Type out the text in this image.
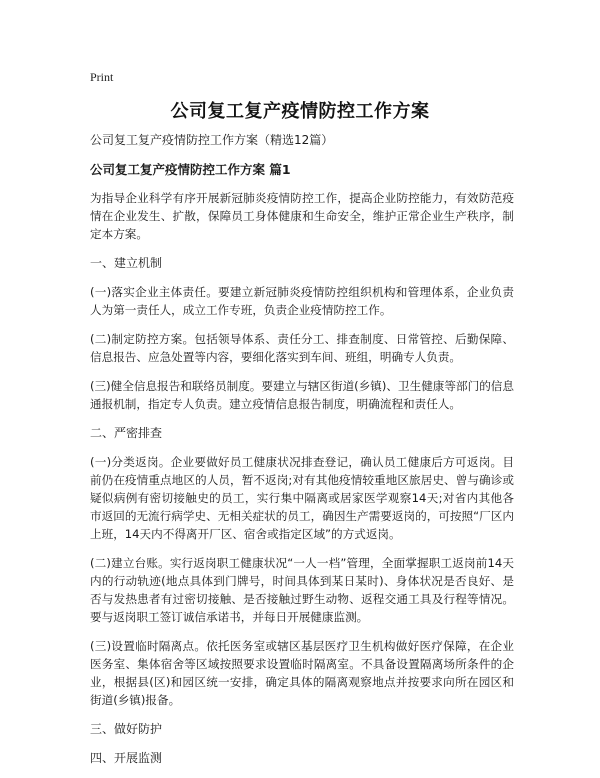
Print
公司复工复产疫情防控工作方案

公司复工复产疫情防控工作方案（精选12篇）

公司复工复产疫情防控工作方案 篇1

为指导企业科学有序开展新冠肺炎疫情防控工作，提高企业防控能力，有效防范疫情在企业发生、扩散，保障员工身体健康和生命安全，维护正常企业生产秩序，制定本方案。

一、建立机制

(一)落实企业主体责任。要建立新冠肺炎疫情防控组织机构和管理体系，企业负责人为第一责任人，成立工作专班，负责企业疫情防控工作。

(二)制定防控方案。包括领导体系、责任分工、排查制度、日常管控、后勤保障、信息报告、应急处置等内容，要细化落实到车间、班组，明确专人负责。

(三)健全信息报告和联络员制度。要建立与辖区街道(乡镇)、卫生健康等部门的信息通报机制，指定专人负责。建立疫情信息报告制度，明确流程和责任人。

二、严密排查

(一)分类返岗。企业要做好员工健康状况排查登记，确认员工健康后方可返岗。目前仍在疫情重点地区的人员，暂不返岗;对有其他疫情较重地区旅居史、曾与确诊或疑似病例有密切接触史的员工，实行集中隔离或居家医学观察14天;对省内其他各市返回的无流行病学史、无相关症状的员工，确因生产需要返岗的，可按照“厂区内上班，14天内不得离开厂区、宿舍或指定区域”的方式返岗。

(二)建立台账。实行返岗职工健康状况“一人一档”管理，全面掌握职工返岗前14天内的行动轨迹(地点具体到门牌号，时间具体到某日某时)、身体状况是否良好、是否与发热患者有过密切接触、是否接触过野生动物、返程交通工具及行程等情况。要与返岗职工签订诚信承诺书，并每日开展健康监测。

(三)设置临时隔离点。依托医务室或辖区基层医疗卫生机构做好医疗保障，在企业医务室、集体宿舍等区域按照要求设置临时隔离室。不具备设置隔离场所条件的企业，根据县(区)和园区统一安排，确定具体的隔离观察地点并按要求向所在园区和街道(乡镇)报备。

三、做好防护

四、开展监测
